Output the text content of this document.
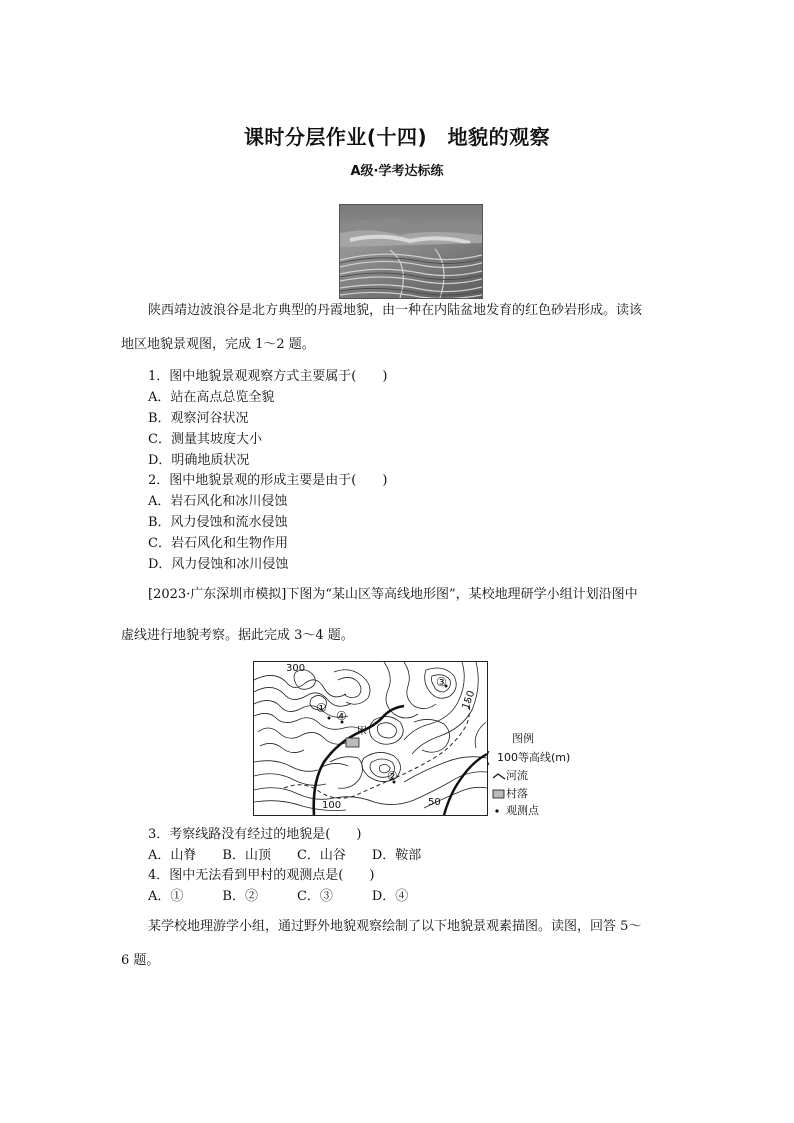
课时分层作业(十四)　地貌的观察
A级·学考达标练
陕西靖边波浪谷是北方典型的丹霞地貌，由一种在内陆盆地发育的红色砂岩形成。读该
地区地貌景观图，完成 1～2 题。
1．图中地貌景观观察方式主要属于(　　)
A．站在高点总览全貌
B．观察河谷状况
C．测量其坡度大小
D．明确地质状况
2．图中地貌景观的形成主要是由于(　　)
A．岩石风化和冰川侵蚀
B．风力侵蚀和流水侵蚀
C．岩石风化和生物作用
D．风力侵蚀和冰川侵蚀
[2023·广东深圳市模拟]下图为“某山区等高线地形图”，某校地理研学小组计划沿图中
虚线进行地貌考察。据此完成 3～4 题。
甲
①
④
②
③
300
150
100	50
图例
100等高线(m)
河流
村落
观测点
3．考察线路没有经过的地貌是(　　)
A．山脊　　B．山顶　　C．山谷　　D．鞍部
4．图中无法看到甲村的观测点是(　　)
A．①　　　B．②　　　C．③　　　D．④
某学校地理游学小组，通过野外地貌观察绘制了以下地貌景观素描图。读图，回答 5～
6 题。
